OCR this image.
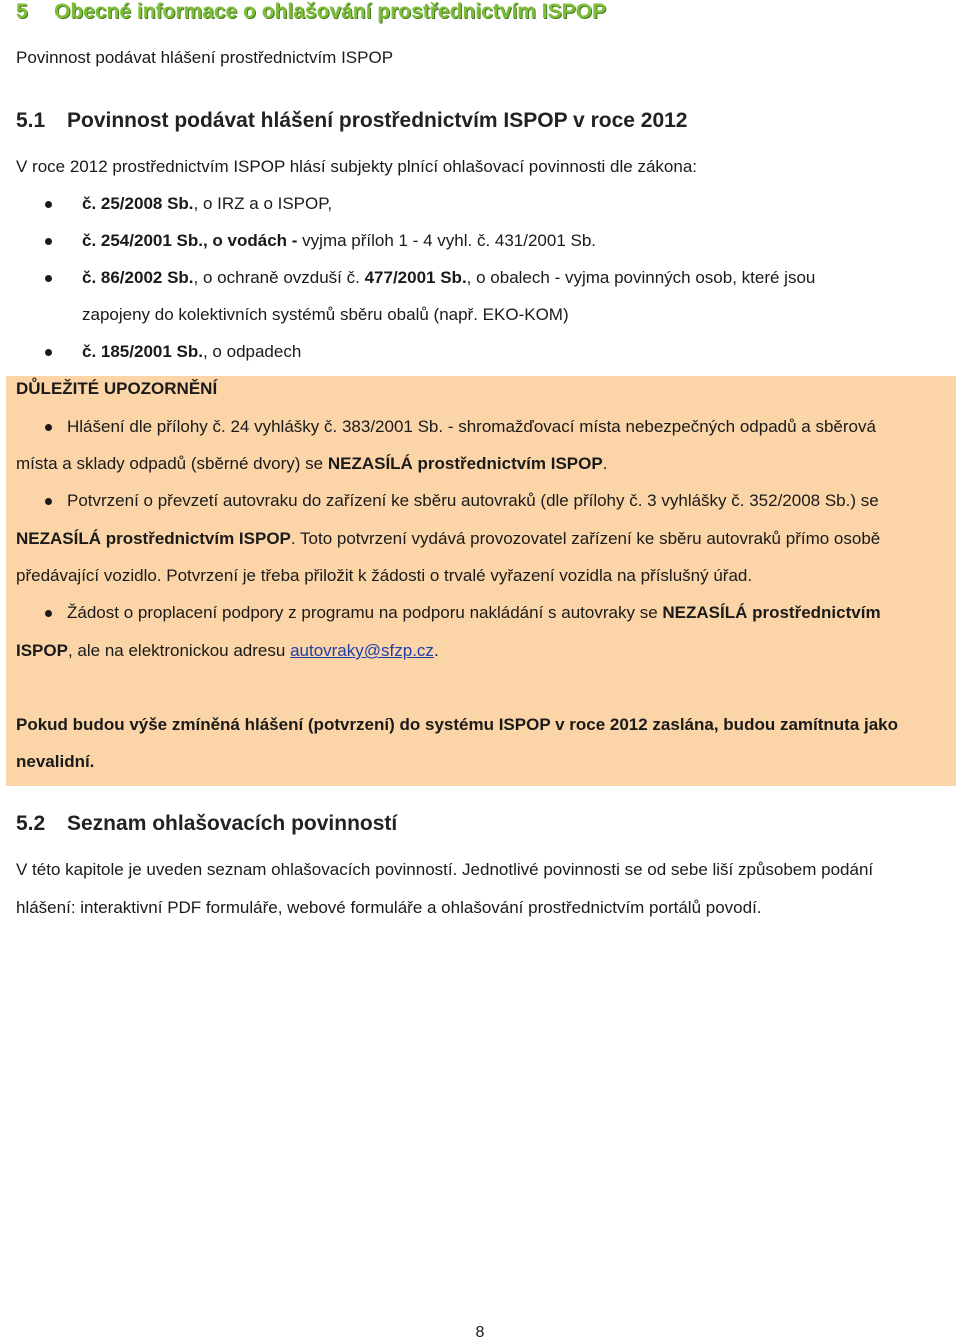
5 Obecné informace o ohlašování prostřednictvím ISPOP
Povinnost podávat hlášení prostřednictvím ISPOP
5.1 Povinnost podávat hlášení prostřednictvím ISPOP v roce 2012
V roce 2012 prostřednictvím ISPOP hlásí subjekty plnící ohlašovací povinnosti dle zákona:
č. 25/2008 Sb., o IRZ a o ISPOP,
č. 254/2001 Sb., o vodách - vyjma příloh 1 - 4 vyhl. č. 431/2001 Sb.
č. 86/2002 Sb., o ochraně ovzduší č. 477/2001 Sb., o obalech - vyjma povinných osob, které jsou
zapojeny do kolektivních systémů sběru obalů (např. EKO-KOM)
č. 185/2001 Sb., o odpadech
DŮLEŽITÉ UPOZORNĚNÍ
Hlášení dle přílohy č. 24 vyhlášky č. 383/2001 Sb. - shromažďovací místa nebezpečných odpadů a sběrová
místa a sklady odpadů (sběrné dvory) se NEZASÍLÁ prostřednictvím ISPOP.
Potvrzení o převzetí autovraku do zařízení ke sběru autovraků (dle přílohy č. 3 vyhlášky č. 352/2008 Sb.) se
NEZASÍLÁ prostřednictvím ISPOP. Toto potvrzení vydává provozovatel zařízení ke sběru autovraků přímo osobě
předávající vozidlo. Potvrzení je třeba přiložit k žádosti o trvalé vyřazení vozidla na příslušný úřad.
Žádost o proplacení podpory z programu na podporu nakládání s autovraky se NEZASÍLÁ prostřednictvím
ISPOP, ale na elektronickou adresu autovraky@sfzp.cz.
Pokud budou výše zmíněná hlášení (potvrzení) do systému ISPOP v roce 2012 zaslána, budou zamítnuta jako
nevalidní.
5.2 Seznam ohlašovacích povinností
V této kapitole je uveden seznam ohlašovacích povinností. Jednotlivé povinnosti se od sebe liší způsobem podání
hlášení: interaktivní PDF formuláře, webové formuláře a ohlašování prostřednictvím portálů povodí.
8
